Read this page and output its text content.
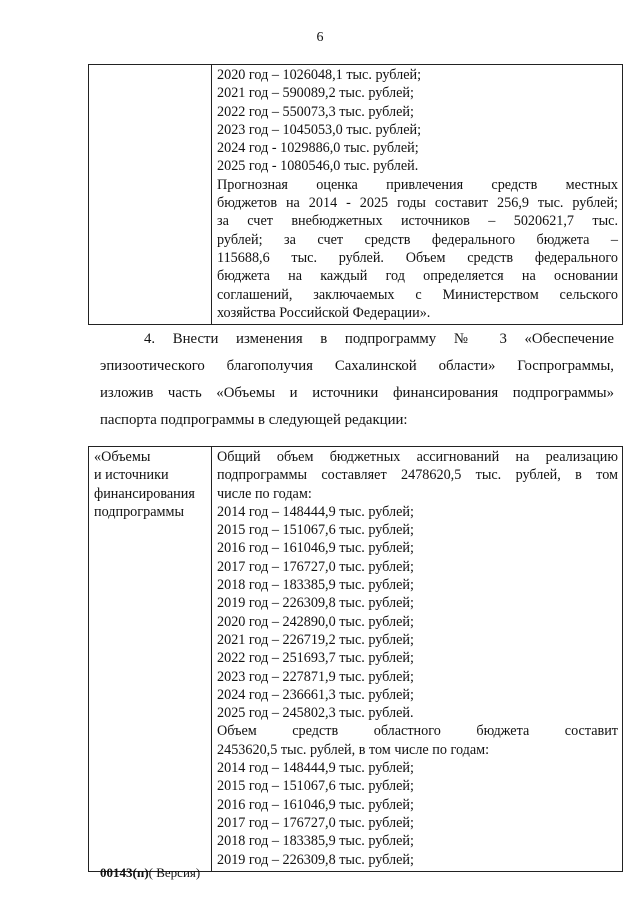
6

2020 год – 1026048,1 тыс. рублей;
2021 год – 590089,2 тыс. рублей;
2022 год – 550073,3 тыс. рублей;
2023 год – 1045053,0 тыс. рублей;
2024 год - 1029886,0 тыс. рублей;
2025 год - 1080546,0 тыс. рублей.
Прогнозная оценка привлечения средств местных
бюджетов на 2014 - 2025 годы составит 256,9 тыс. рублей;
за счет внебюджетных источников – 5020621,7 тыс.
рублей; за счет средств федерального бюджета –
115688,6 тыс. рублей. Объем средств федерального
бюджета на каждый год определяется на основании
соглашений, заключаемых с Министерством сельского
хозяйства Российской Федерации».
4. Внести изменения в подпрограмму № 3 «Обеспечение
эпизоотического благополучия Сахалинской области» Госпрограммы,
изложив часть «Объемы и источники финансирования подпрограммы»
паспорта подпрограммы в следующей редакции:
«Объемы
и источники
финансирования
подпрограммы

Общий объем бюджетных ассигнований на реализацию
подпрограммы составляет 2478620,5 тыс. рублей, в том
числе по годам:
2014 год – 148444,9 тыс. рублей;
2015 год – 151067,6 тыс. рублей;
2016 год – 161046,9 тыс. рублей;
2017 год – 176727,0 тыс. рублей;
2018 год – 183385,9 тыс. рублей;
2019 год – 226309,8 тыс. рублей;
2020 год – 242890,0 тыс. рублей;
2021 год – 226719,2 тыс. рублей;
2022 год – 251693,7 тыс. рублей;
2023 год – 227871,9 тыс. рублей;
2024 год – 236661,3 тыс. рублей;
2025 год – 245802,3 тыс. рублей.
Объем средств областного бюджета составит
2453620,5 тыс. рублей, в том числе по годам:
2014 год – 148444,9 тыс. рублей;
2015 год – 151067,6 тыс. рублей;
2016 год – 161046,9 тыс. рублей;
2017 год – 176727,0 тыс. рублей;
2018 год – 183385,9 тыс. рублей;
2019 год – 226309,8 тыс. рублей;
00143(п)( Версия)
